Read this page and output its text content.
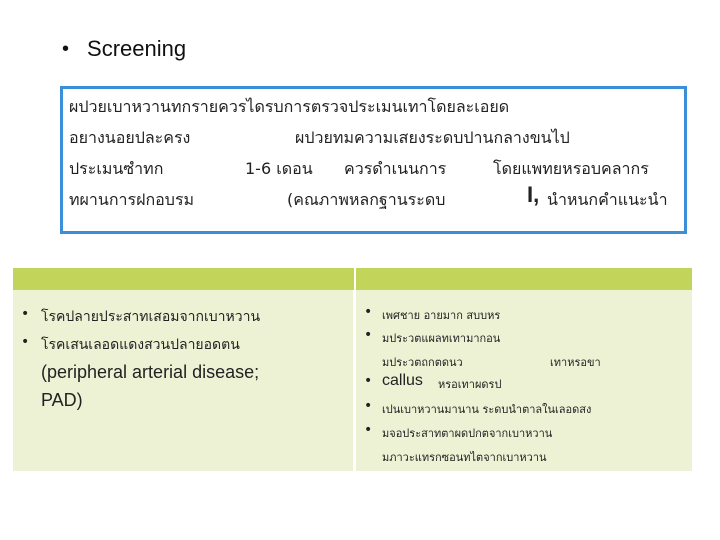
• Screening
ผปวยเบาหวานทกรายควรไดรบการตรวจประเมนเทาโดยละเอยด
อยางนอยปละครง	ผปวยทมความเสยงระดบปานกลางขนไป
ประเมนซำทก	1-6 เดอน ควรดำเนนการ	โดยแพทยหรอบคลากร
ทผานการฝกอบรม	(คณภาพหลกฐานระดบ	I, นำหนกคำแนะนำ
• โรคปลายประสาทเสอมจากเบาหวาน
• โรคเสนเลอดแดงสวนปลายอดตน
(peripheral arterial disease;
PAD)
• เพศชาย อายมาก สบบหร
• มประวตแผลทเทามากอน
มประวตถกตดนว	เทาหรอขา
• callus หรอเทาผดรป
• เปนเบาหวานมานาน ระดบนำตาลในเลอดสง
• มจอประสาทตาผดปกตจากเบาหวาน
มภาวะแทรกซอนทไตจากเบาหวาน
